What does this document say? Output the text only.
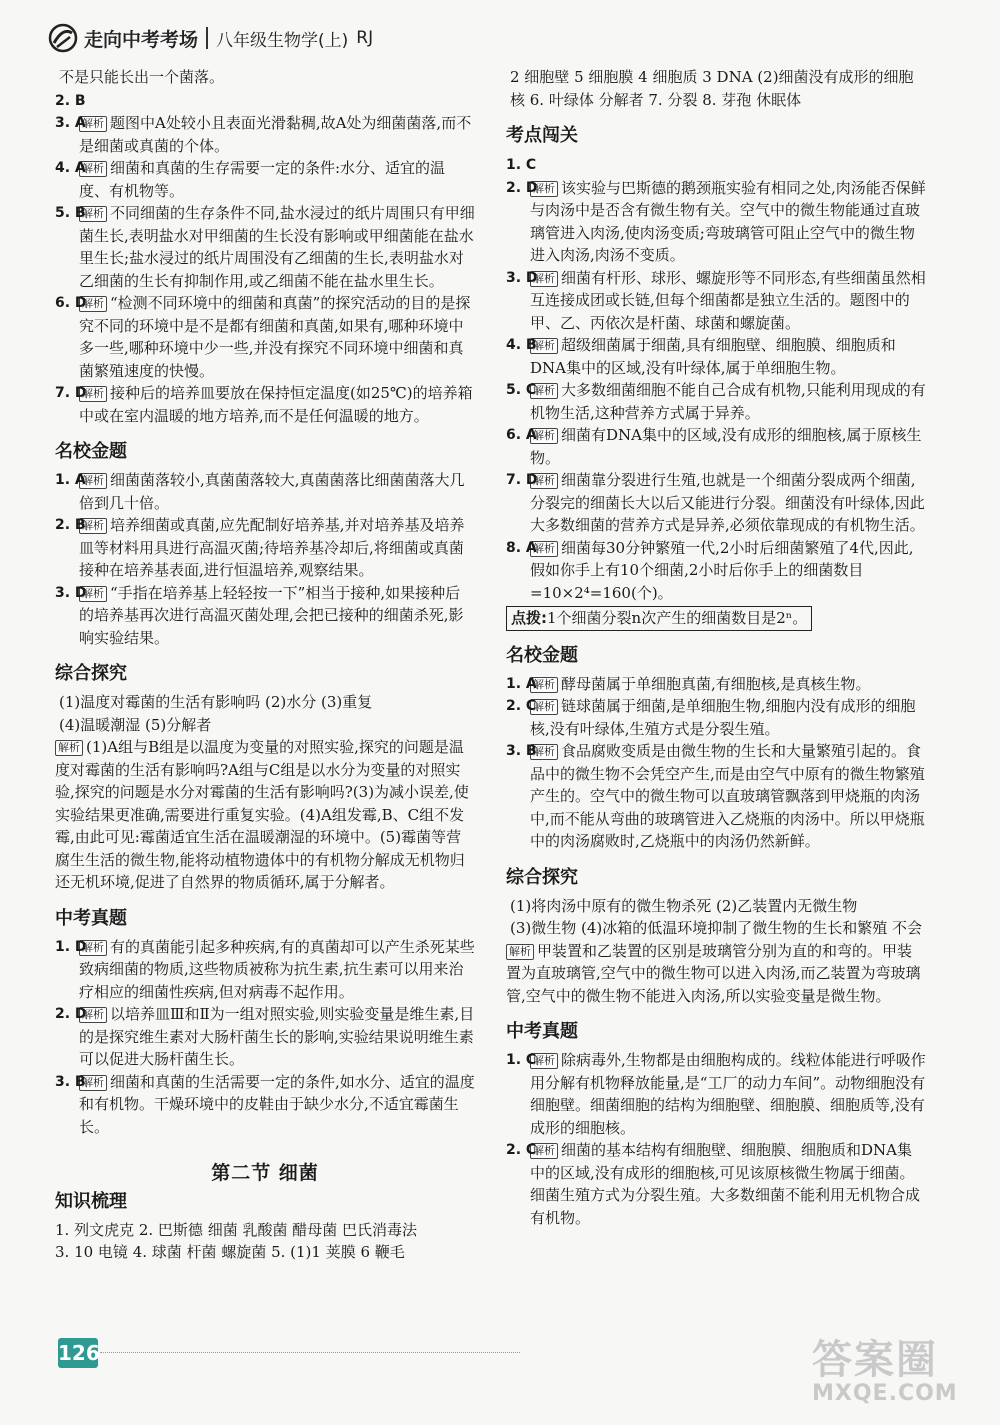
走向中考考场 八年级生物学(上) RJ

不是只能长出一个菌落。

2. B

3. A
解析 题图中A处较小且表面光滑黏稠,故A处为细菌菌落,而不是细菌或真菌的个体。

4. A
解析 细菌和真菌的生存需要一定的条件:水分、适宜的温度、有机物等。

5. B
解析 不同细菌的生存条件不同,盐水浸过的纸片周围只有甲细菌生长,表明盐水对甲细菌的生长没有影响或甲细菌能在盐水里生长;盐水浸过的纸片周围没有乙细菌的生长,表明盐水对乙细菌的生长有抑制作用,或乙细菌不能在盐水里生长。

6. D
解析 “检测不同环境中的细菌和真菌”的探究活动的目的是探究不同的环境中是不是都有细菌和真菌,如果有,哪种环境中多一些,哪种环境中少一些,并没有探究不同环境中细菌和真菌繁殖速度的快慢。

7. D
解析 接种后的培养皿要放在保持恒定温度(如25℃)的培养箱中或在室内温暖的地方培养,而不是任何温暖的地方。

名校金题

1. A
解析 细菌菌落较小,真菌菌落较大,真菌菌落比细菌菌落大几倍到几十倍。

2. B
解析 培养细菌或真菌,应先配制好培养基,并对培养基及培养皿等材料用具进行高温灭菌;待培养基冷却后,将细菌或真菌接种在培养基表面,进行恒温培养,观察结果。

3. D
解析 “手指在培养基上轻轻按一下”相当于接种,如果接种后的培养基再次进行高温灭菌处理,会把已接种的细菌杀死,影响实验结果。

综合探究

(1)温度对霉菌的生活有影响吗 (2)水分 (3)重复

(4)温暖潮湿 (5)分解者

解析 (1)A组与B组是以温度为变量的对照实验,探究的问题是温度对霉菌的生活有影响吗?A组与C组是以水分为变量的对照实验,探究的问题是水分对霉菌的生活有影响吗?(3)为减小误差,使实验结果更准确,需要进行重复实验。(4)A组发霉,B、C组不发霉,由此可见:霉菌适宜生活在温暖潮湿的环境中。(5)霉菌等营腐生生活的微生物,能将动植物遗体中的有机物分解成无机物归还无机环境,促进了自然界的物质循环,属于分解者。

中考真题

1. D
解析 有的真菌能引起多种疾病,有的真菌却可以产生杀死某些致病细菌的物质,这些物质被称为抗生素,抗生素可以用来治疗相应的细菌性疾病,但对病毒不起作用。

2. D
解析 以培养皿Ⅲ和Ⅱ为一组对照实验,则实验变量是维生素,目的是探究维生素对大肠杆菌生长的影响,实验结果说明维生素可以促进大肠杆菌生长。

3. B
解析 细菌和真菌的生活需要一定的条件,如水分、适宜的温度和有机物。干燥环境中的皮鞋由于缺少水分,不适宜霉菌生长。

第二节 细菌
知识梳理

1. 列文虎克 2. 巴斯德 细菌 乳酸菌 醋母菌 巴氏消毒法

3. 10 电镜 4. 球菌 杆菌 螺旋菌 5. (1)1 荚膜 6 鞭毛

2 细胞壁 5 细胞膜 4 细胞质 3 DNA (2)细菌没有成形的细胞核 6. 叶绿体 分解者 7. 分裂 8. 芽孢 休眠体

考点闯关

1. C

2. D
解析 该实验与巴斯德的鹅颈瓶实验有相同之处,肉汤能否保鲜与肉汤中是否含有微生物有关。空气中的微生物能通过直玻璃管进入肉汤,使肉汤变质;弯玻璃管可阻止空气中的微生物进入肉汤,肉汤不变质。

3. D
解析 细菌有杆形、球形、螺旋形等不同形态,有些细菌虽然相互连接成团或长链,但每个细菌都是独立生活的。题图中的甲、乙、丙依次是杆菌、球菌和螺旋菌。

4. B
解析 超级细菌属于细菌,具有细胞壁、细胞膜、细胞质和DNA集中的区域,没有叶绿体,属于单细胞生物。

5. C
解析 大多数细菌细胞不能自己合成有机物,只能利用现成的有机物生活,这种营养方式属于异养。

6. A
解析 细菌有DNA集中的区域,没有成形的细胞核,属于原核生物。

7. D
解析 细菌靠分裂进行生殖,也就是一个细菌分裂成两个细菌,分裂完的细菌长大以后又能进行分裂。细菌没有叶绿体,因此大多数细菌的营养方式是异养,必须依靠现成的有机物生活。

8. A
解析 细菌每30分钟繁殖一代,2小时后细菌繁殖了4代,因此,假如你手上有10个细菌,2小时后你手上的细菌数目=10×2⁴=160(个)。

点拨:1个细菌分裂n次产生的细菌数目是2ⁿ。
名校金题

1. A
解析 酵母菌属于单细胞真菌,有细胞核,是真核生物。

2. C
解析 链球菌属于细菌,是单细胞生物,细胞内没有成形的细胞核,没有叶绿体,生殖方式是分裂生殖。

3. B
解析 食品腐败变质是由微生物的生长和大量繁殖引起的。食品中的微生物不会凭空产生,而是由空气中原有的微生物繁殖产生的。空气中的微生物可以直玻璃管飘落到甲烧瓶的肉汤中,而不能从弯曲的玻璃管进入乙烧瓶的肉汤中。所以甲烧瓶中的肉汤腐败时,乙烧瓶中的肉汤仍然新鲜。

综合探究

(1)将肉汤中原有的微生物杀死 (2)乙装置内无微生物

(3)微生物 (4)冰箱的低温环境抑制了微生物的生长和繁殖 不会

解析 甲装置和乙装置的区别是玻璃管分别为直的和弯的。甲装置为直玻璃管,空气中的微生物可以进入肉汤,而乙装置为弯玻璃管,空气中的微生物不能进入肉汤,所以实验变量是微生物。

中考真题

1. C
解析 除病毒外,生物都是由细胞构成的。线粒体能进行呼吸作用分解有机物释放能量,是“工厂的动力车间”。动物细胞没有细胞壁。细菌细胞的结构为细胞壁、细胞膜、细胞质等,没有成形的细胞核。

2. C
解析 细菌的基本结构有细胞壁、细胞膜、细胞质和DNA集中的区域,没有成形的细胞核,可见该原核微生物属于细菌。细菌生殖方式为分裂生殖。大多数细菌不能利用无机物合成有机物。

126	答案圈
MXQE.COM
